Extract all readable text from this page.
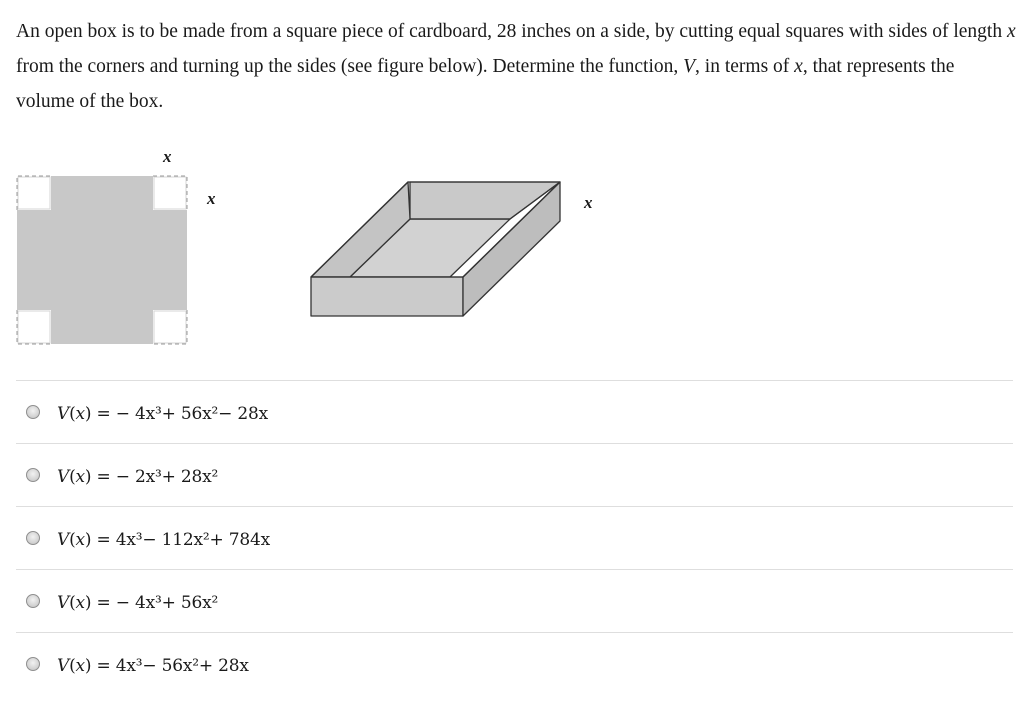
An open box is to be made from a square piece of cardboard, 28 inches on a side, by cutting equal squares with sides of length x from the corners and turning up the sides (see figure below). Determine the function, V, in terms of x, that represents the volume of the box.

x
x	x
V(x) = − 4x³+ 56x²− 28x
V(x) = − 2x³+ 28x²
V(x) = 4x³− 112x²+ 784x
V(x) = − 4x³+ 56x²
V(x) = 4x³− 56x²+ 28x
